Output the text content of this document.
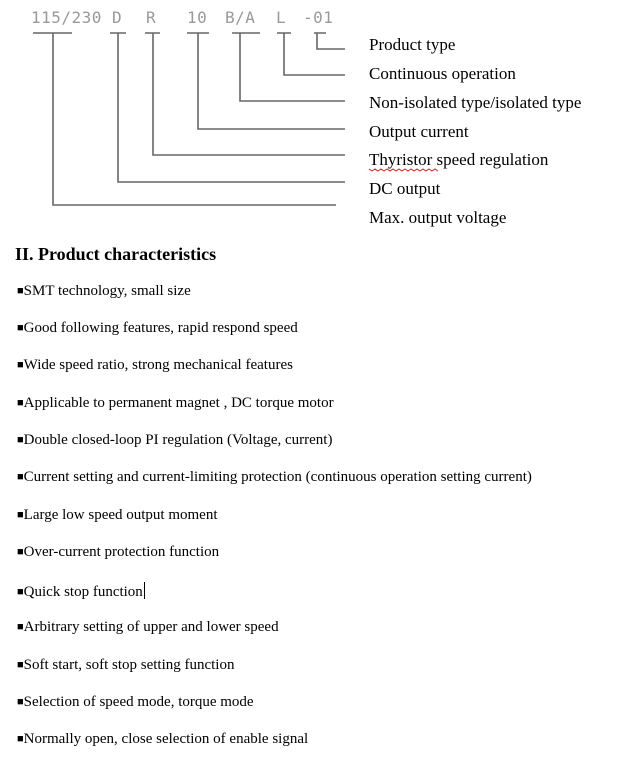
115/230 D R 10 B/A L -01
Product type
Continuous operation
Non-isolated type/isolated type
Output current
Thyristor speed regulation
DC output
Max. output voltage
II. Product characteristics
■SMT technology, small size
■Good following features, rapid respond speed
■Wide speed ratio, strong mechanical features
■Applicable to permanent magnet , DC torque motor
■Double closed-loop PI regulation (Voltage, current)
■Current setting and current-limiting protection (continuous operation setting current)
■Large low speed output moment
■Over-current protection function
■Quick stop function
■Arbitrary setting of upper and lower speed
■Soft start, soft stop setting function
■Selection of speed mode, torque mode
■Normally open, close selection of enable signal
